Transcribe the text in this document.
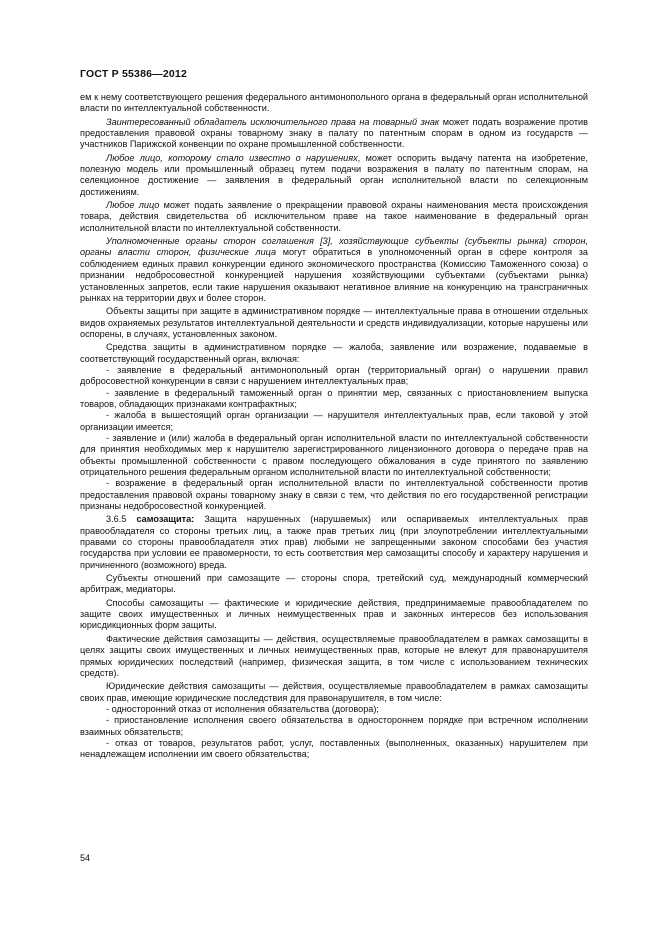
ГОСТ Р 55386—2012

ем к нему соответствующего решения федерального антимонопольного органа в федеральный орган исполнительной власти по интеллектуальной собственности.

Заинтересованный обладатель исключительного права на товарный знак может подать возражение против предоставления правовой охраны товарному знаку в палату по патентным спорам в одном из государств — участников Парижской конвенции по охране промышленной собственности.

Любое лицо, которому стало известно о нарушениях, может оспорить выдачу патента на изобретение, полезную модель или промышленный образец путем подачи возражения в палату по патентным спорам, на селекционное достижение — заявления в федеральный орган исполнительной власти по селекционным достижениям.

Любое лицо может подать заявление о прекращении правовой охраны наименования места происхождения товара, действия свидетельства об исключительном праве на такое наименование в федеральный орган исполнительной власти по интеллектуальной собственности.

Уполномоченные органы сторон соглашения [3], хозяйствующие субъекты (субъекты рынка) сторон, органы власти сторон, физические лица могут обратиться в уполномоченный орган в сфере контроля за соблюдением единых правил конкуренции единого экономического пространства (Комиссию Таможенного союза) о признании недобросовестной конкуренцией нарушения хозяйствующими субъектами (субъектами рынка) установленных запретов, если такие нарушения оказывают негативное влияние на конкуренцию на трансграничных рынках на территории двух и более сторон.

Объекты защиты при защите в административном порядке — интеллектуальные права в отношении отдельных видов охраняемых результатов интеллектуальной деятельности и средств индивидуализации, которые нарушены или оспорены, в случаях, установленных законом.

Средства защиты в административном порядке — жалоба, заявление или возражение, подаваемые в соответствующий государственный орган, включая:

- заявление в федеральный антимонопольный орган (территориальный орган) о нарушении правил добросовестной конкуренции в связи с нарушением интеллектуальных прав;

- заявление в федеральный таможенный орган о принятии мер, связанных с приостановлением выпуска товаров, обладающих признаками контрафактных;

- жалоба в вышестоящий орган организации — нарушителя интеллектуальных прав, если таковой у этой организации имеется;

- заявление и (или) жалоба в федеральный орган исполнительной власти по интеллектуальной собственности для принятия необходимых мер к нарушителю зарегистрированного лицензионного договора о передаче прав на объекты промышленной собственности с правом последующего обжалования в суде принятого по заявлению отрицательного решения федеральным органом исполнительной власти по интеллектуальной собственности;

- возражение в федеральный орган исполнительной власти по интеллектуальной собственности против предоставления правовой охраны товарному знаку в связи с тем, что действия по его государственной регистрации признаны недобросовестной конкуренцией.

3.6.5 самозащита: Защита нарушенных (нарушаемых) или оспариваемых интеллектуальных прав правообладателя со стороны третьих лиц, а также прав третьих лиц (при злоупотреблении интеллектуальными правами со стороны правообладателя этих прав) любыми не запрещенными законом способами без участия государства при условии ее правомерности, то есть соответствия мер самозащиты способу и характеру нарушения и причиненного (возможного) вреда.

Субъекты отношений при самозащите — стороны спора, третейский суд, международный коммерческий арбитраж, медиаторы.

Способы самозащиты — фактические и юридические действия, предпринимаемые правообладателем по защите своих имущественных и личных неимущественных прав и законных интересов без использования юрисдикционных форм защиты.

Фактические действия самозащиты — действия, осуществляемые правообладателем в рамках самозащиты в целях защиты своих имущественных и личных неимущественных прав, которые не влекут для правонарушителя прямых юридических последствий (например, физическая защита, в том числе с использованием технических средств).

Юридические действия самозащиты — действия, осуществляемые правообладателем в рамках самозащиты своих прав, имеющие юридические последствия для правонарушителя, в том числе:

- односторонний отказ от исполнения обязательства (договора);

- приостановление исполнения своего обязательства в одностороннем порядке при встречном исполнении взаимных обязательств;

- отказ от товаров, результатов работ, услуг, поставленных (выполненных, оказанных) нарушителем при ненадлежащем исполнении им своего обязательства;

54
